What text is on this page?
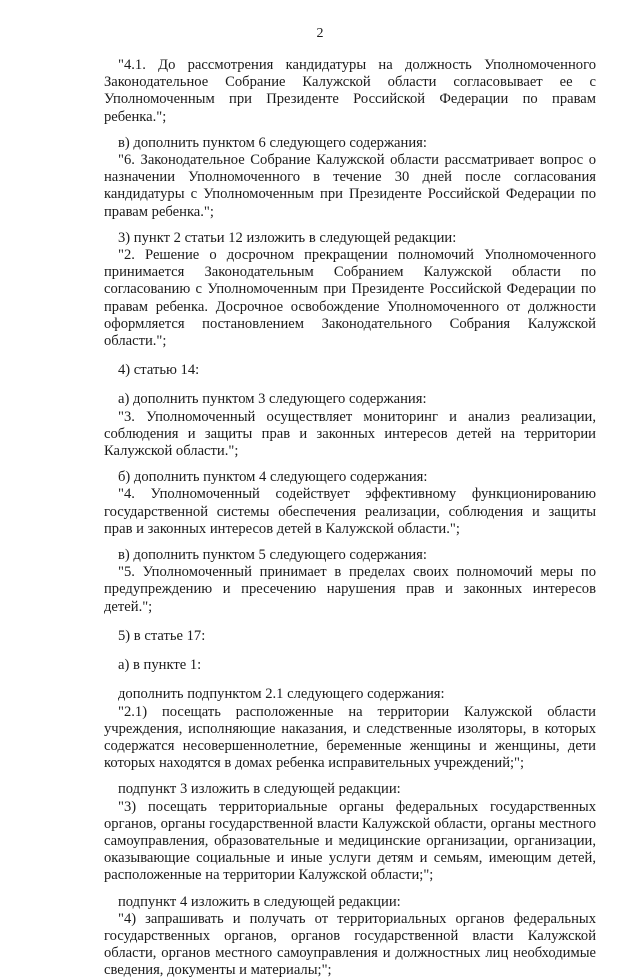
2

"4.1. До рассмотрения кандидатуры на должность Уполномоченного Законодательное Собрание Калужской области согласовывает ее с Уполномоченным при Президенте Российской Федерации по правам ребенка.";

в) дополнить пунктом 6 следующего содержания:

"6. Законодательное Собрание Калужской области рассматривает вопрос о назначении Уполномоченного в течение 30 дней после согласования кандидатуры с Уполномоченным при Президенте Российской Федерации по правам ребенка.";

3) пункт 2 статьи 12 изложить в следующей редакции:

"2. Решение о досрочном прекращении полномочий Уполномоченного принимается Законодательным Собранием Калужской области по согласованию с Уполномоченным при Президенте Российской Федерации по правам ребенка. Досрочное освобождение Уполномоченного от должности оформляется постановлением Законодательного Собрания Калужской области.";

4) статью 14:

а) дополнить пунктом 3 следующего содержания:

"3. Уполномоченный осуществляет мониторинг и анализ реализации, соблюдения и защиты прав и законных интересов детей на территории Калужской области.";

б) дополнить пунктом 4 следующего содержания:

"4. Уполномоченный содействует эффективному функционированию государственной системы обеспечения реализации, соблюдения и защиты прав и законных интересов детей в Калужской области.";

в) дополнить пунктом 5 следующего содержания:

"5. Уполномоченный принимает в пределах своих полномочий меры по предупреждению и пресечению нарушения прав и законных интересов детей.";

5) в статье 17:

а) в пункте 1:

дополнить подпунктом 2.1 следующего содержания:

"2.1) посещать расположенные на территории Калужской области учреждения, исполняющие наказания, и следственные изоляторы, в которых содержатся несовершеннолетние, беременные женщины и женщины, дети которых находятся в домах ребенка исправительных учреждений;";

подпункт 3 изложить в следующей редакции:

"3) посещать территориальные органы федеральных государственных органов, органы государственной власти Калужской области, органы местного самоуправления, образовательные и медицинские организации, организации, оказывающие социальные и иные услуги детям и семьям, имеющим детей, расположенные на территории Калужской области;";

подпункт 4 изложить в следующей редакции:

"4) запрашивать и получать от территориальных органов федеральных государственных органов, органов государственной власти Калужской области, органов местного самоуправления и должностных лиц необходимые сведения, документы и материалы;";
